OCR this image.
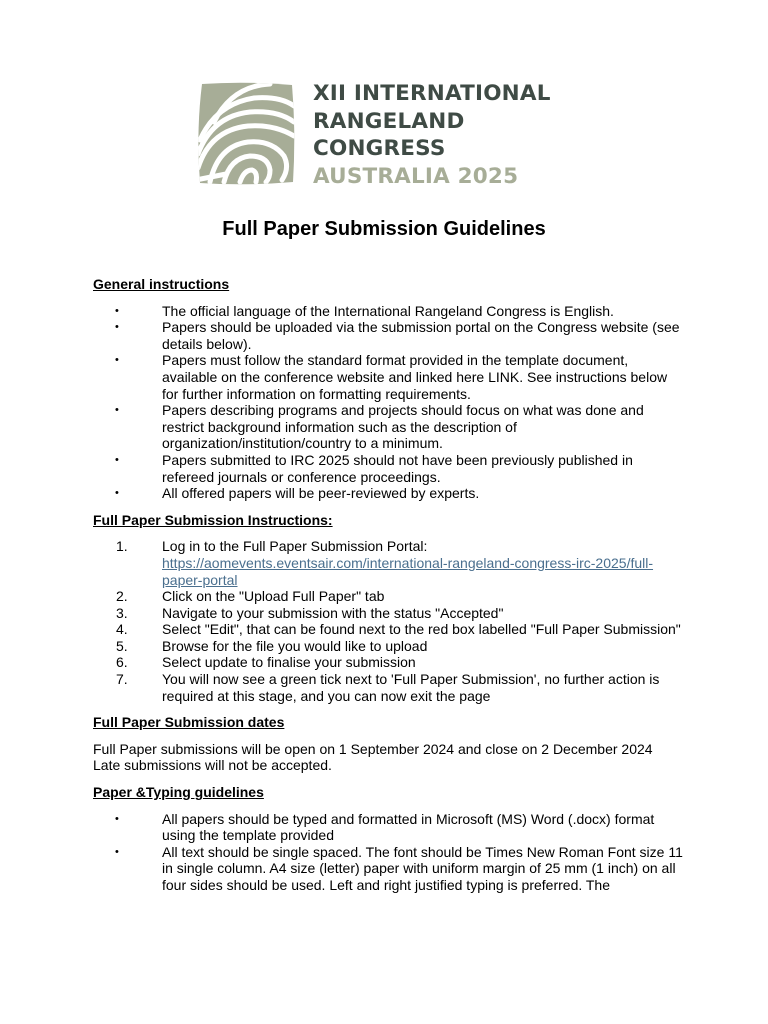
XII INTERNATIONAL
RANGELAND
CONGRESS
AUSTRALIA 2025
Full Paper Submission Guidelines

General instructions

•	The official language of the International Rangeland Congress is English.
•	Papers should be uploaded via the submission portal on the Congress website (see details below).
•	Papers must follow the standard format provided in the template document, available on the conference website and linked here LINK. See instructions below for further information on formatting requirements.
•	Papers describing programs and projects should focus on what was done and restrict background information such as the description of organization/institution/country to a minimum.
•	Papers submitted to IRC 2025 should not have been previously published in refereed journals or conference proceedings.
•	All offered papers will be peer-reviewed by experts.

Full Paper Submission Instructions:

1.	Log in to the Full Paper Submission Portal:
https://aomevents.eventsair.com/international-rangeland-congress-irc-2025/full-paper-portal
2.	Click on the "Upload Full Paper" tab
3.	Navigate to your submission with the status "Accepted"
4.	Select "Edit", that can be found next to the red box labelled "Full Paper Submission"
5.	Browse for the file you would like to upload
6.	Select update to finalise your submission
7.	You will now see a green tick next to 'Full Paper Submission', no further action is required at this stage, and you can now exit the page

Full Paper Submission dates

Full Paper submissions will be open on 1 September 2024 and close on 2 December 2024

Late submissions will not be accepted.

Paper &Typing guidelines

•	All papers should be typed and formatted in Microsoft (MS) Word (.docx) format using the template provided
•	All text should be single spaced. The font should be Times New Roman Font size 11 in single column. A4 size (letter) paper with uniform margin of 25 mm (1 inch) on all four sides should be used. Left and right justified typing is preferred. The
